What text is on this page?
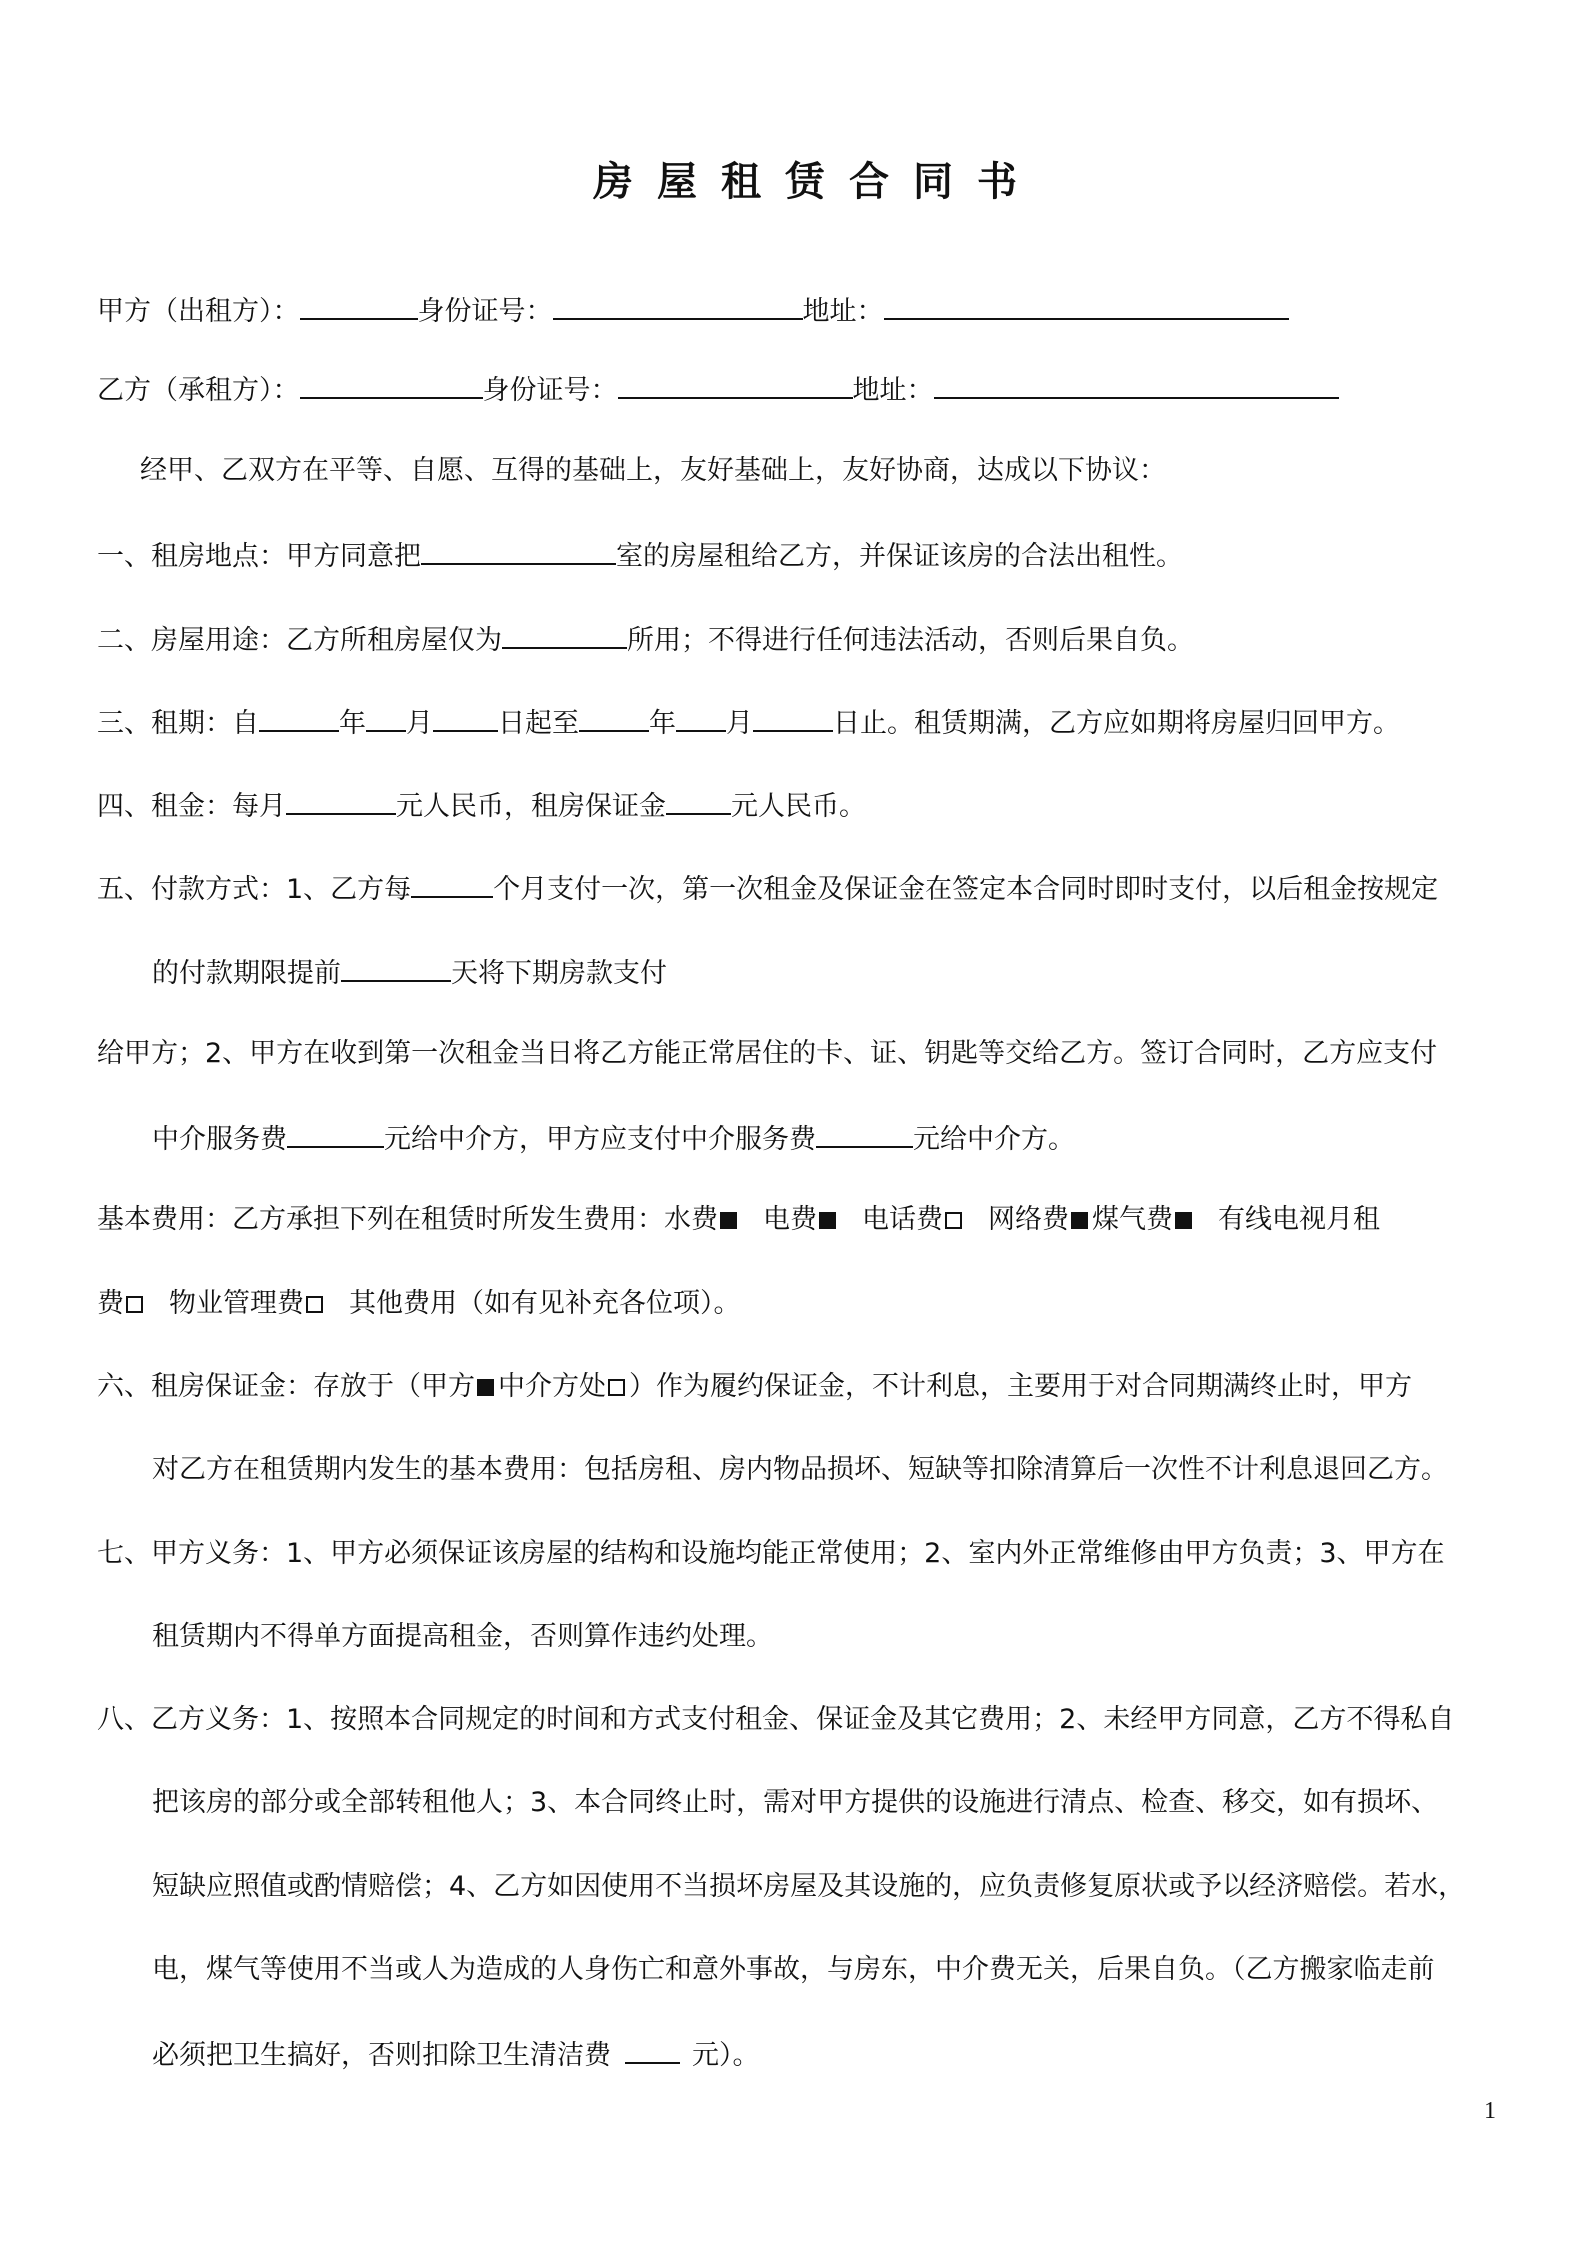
房屋租赁合同书
甲方（出租方）：	身份证号：	地址：
乙方（承租方）：	身份证号：	地址：
经甲、乙双方在平等、自愿、互得的基础上，友好基础上，友好协商，达成以下协议：
一、租房地点：甲方同意把	室的房屋租给乙方，并保证该房的合法出租性。
二、房屋用途：乙方所租房屋仅为	所用；不得进行任何违法活动，否则后果自负。
三、租期：自	年 月 日起至	年 月	日止。租赁期满，乙方应如期将房屋归回甲方。
四、租金：每月	元人民币，租房保证金 元人民币。
五、付款方式：1、乙方每	个月支付一次，第一次租金及保证金在签定本合同时即时支付，以后租金按规定
的付款期限提前	天将下期房款支付
给甲方；2、甲方在收到第一次租金当日将乙方能正常居住的卡、证、钥匙等交给乙方。签订合同时，乙方应支付
中介服务费	元给中介方，甲方应支付中介服务费	元给中介方。
基本费用：乙方承担下列在租赁时所发生费用：水费 电费 电话费 网络费 煤气费 有线电视月租
费 物业管理费 其他费用（如有见补充各位项）。
六、租房保证金：存放于（甲方 中介方处 ）作为履约保证金，不计利息，主要用于对合同期满终止时，甲方
对乙方在租赁期内发生的基本费用：包括房租、房内物品损坏、短缺等扣除清算后一次性不计利息退回乙方。
七、甲方义务：1、甲方必须保证该房屋的结构和设施均能正常使用；2、室内外正常维修由甲方负责；3、甲方在
租赁期内不得单方面提高租金，否则算作违约处理。
八、乙方义务：1、按照本合同规定的时间和方式支付租金、保证金及其它费用；2、未经甲方同意，乙方不得私自
把该房的部分或全部转租他人；3、本合同终止时，需对甲方提供的设施进行清点、检查、移交，如有损坏、
短缺应照值或酌情赔偿；4、乙方如因使用不当损坏房屋及其设施的，应负责修复原状或予以经济赔偿。若水，
电，煤气等使用不当或人为造成的人身伤亡和意外事故，与房东，中介费无关，后果自负。（乙方搬家临走前
必须把卫生搞好，否则扣除卫生清洁费	元）。
1
